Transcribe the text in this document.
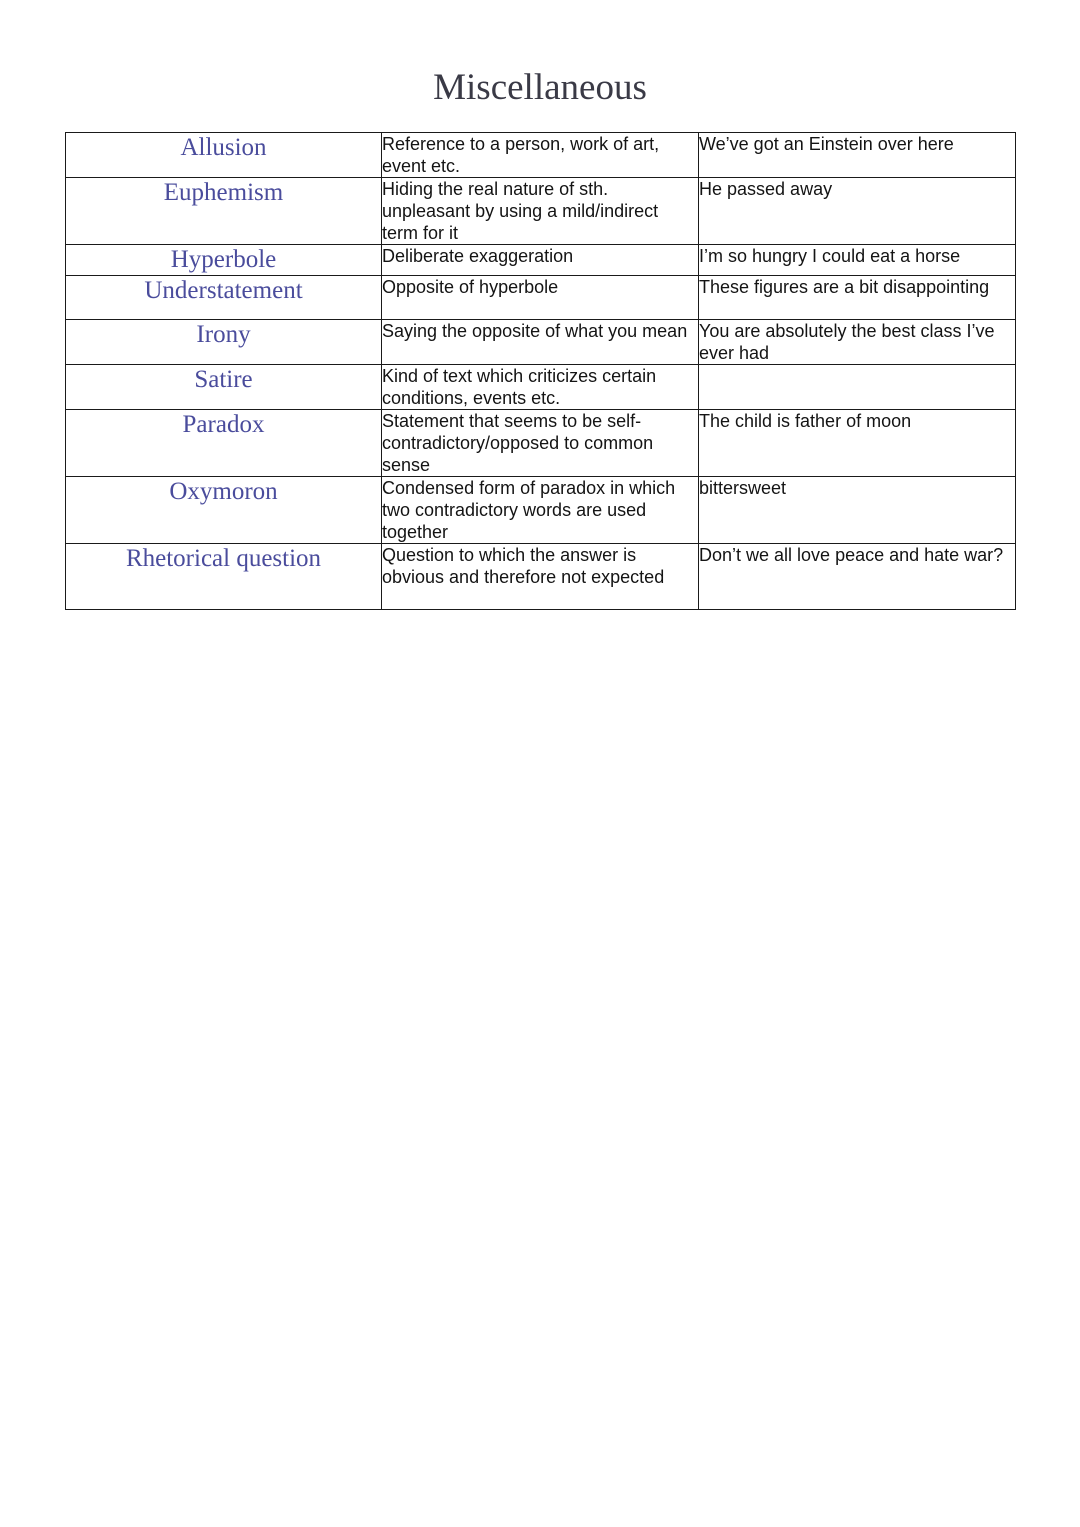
Miscellaneous
Allusion	Reference to a person, work of art, event etc.	We’ve got an Einstein over here
Euphemism	Hiding the real nature of sth. unpleasant by using a mild/indirect term for it	He passed away
Hyperbole	Deliberate exaggeration	I’m so hungry I could eat a horse
Understatement	Opposite of hyperbole	These figures are a bit disappointing
Irony	Saying the opposite of what you mean	You are absolutely the best class I’ve ever had
Satire	Kind of text which criticizes certain conditions, events etc.	
Paradox	Statement that seems to be self-contradictory/opposed to common sense	The child is father of moon
Oxymoron	Condensed form of paradox in which two contradictory words are used together	bittersweet
Rhetorical question	Question to which the answer is obvious and therefore not expected	Don’t we all love peace and hate war?
